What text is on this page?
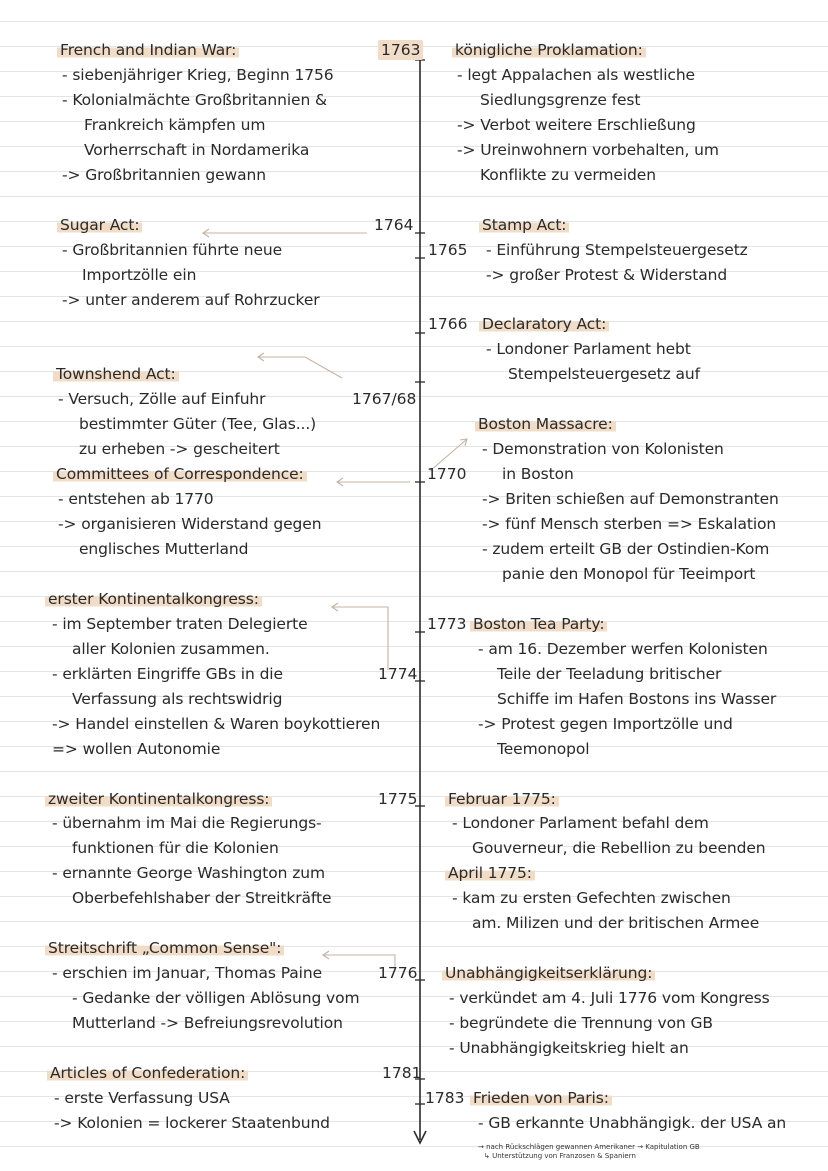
French and Indian War:
- siebenjähriger Krieg, Beginn 1756
- Kolonialmächte Großbritannien &
Frankreich kämpfen um
Vorherrschaft in Nordamerika
-> Großbritannien gewann
1763
Sugar Act:
- Großbritannien führte neue
Importzölle ein
-> unter anderem auf Rohrzucker
1764
Townshend Act:
- Versuch, Zölle auf Einfuhr
bestimmter Güter (Tee, Glas...)
zu erheben -> gescheitert
1767/68
Committees of Correspondence:
- entstehen ab 1770
-> organisieren Widerstand gegen
englisches Mutterland
erster Kontinentalkongress:
- im September traten Delegierte
aller Kolonien zusammen.
- erklärten Eingriffe GBs in die
Verfassung als rechtswidrig
-> Handel einstellen & Waren boykottieren
=> wollen Autonomie
1774
zweiter Kontinentalkongress:
- übernahm im Mai die Regierungs-
funktionen für die Kolonien
- ernannte George Washington zum
Oberbefehlshaber der Streitkräfte
1775
Streitschrift „Common Sense":
- erschien im Januar, Thomas Paine
- Gedanke der völligen Ablösung vom
Mutterland -> Befreiungsrevolution
1776
Articles of Confederation:
- erste Verfassung USA
-> Kolonien = lockerer Staatenbund
1781
königliche Proklamation:
- legt Appalachen als westliche
Siedlungsgrenze fest
-> Verbot weitere Erschließung
-> Ureinwohnern vorbehalten, um
Konflikte zu vermeiden
Stamp Act:
- Einführung Stempelsteuergesetz
-> großer Protest & Widerstand
1765
Declaratory Act:
- Londoner Parlament hebt
Stempelsteuergesetz auf
1766
Boston Massacre:
- Demonstration von Kolonisten
in Boston
-> Briten schießen auf Demonstranten
-> fünf Mensch sterben => Eskalation
- zudem erteilt GB der Ostindien-Kom
panie den Monopol für Teeimport
1770
Boston Tea Party:
- am 16. Dezember werfen Kolonisten
Teile der Teeladung britischer
Schiffe im Hafen Bostons ins Wasser
-> Protest gegen Importzölle und
Teemonopol
1773
Februar 1775:
- Londoner Parlament befahl dem
Gouverneur, die Rebellion zu beenden
April 1775:
- kam zu ersten Gefechten zwischen
am. Milizen und der britischen Armee
Unabhängigkeitserklärung:
- verkündet am 4. Juli 1776 vom Kongress
- begründete die Trennung von GB
- Unabhängigkeitskrieg hielt an
Frieden von Paris:
- GB erkannte Unabhängigk. der USA an
1783
→ nach Rückschlägen gewannen Amerikaner → Kapitulation GB
↳ Unterstützung von Franzosen & Spaniern
